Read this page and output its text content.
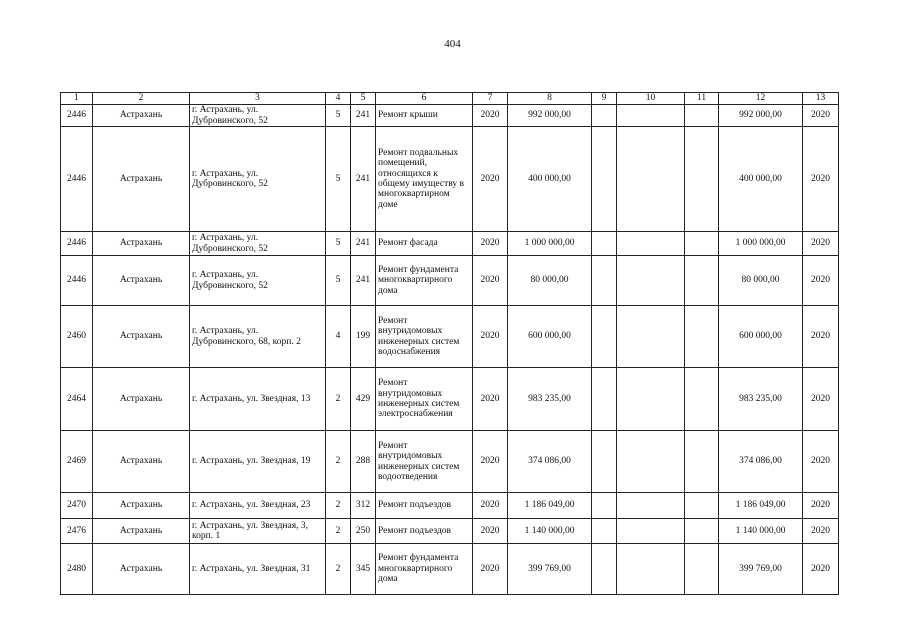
404
1	2	3	4	5	6	7	8	9	10	11	12	13
2446	Астрахань	г. Астрахань, ул. Дубровинского, 52	5	241	Ремонт крыши	2020	992 000,00				992 000,00	2020
2446	Астрахань	г. Астрахань, ул. Дубровинского, 52	5	241	Ремонт подвальных помещений, относящихся к общему имуществу в многоквартирном доме	2020	400 000,00				400 000,00	2020
2446	Астрахань	г. Астрахань, ул. Дубровинского, 52	5	241	Ремонт фасада	2020	1 000 000,00				1 000 000,00	2020
2446	Астрахань	г. Астрахань, ул. Дубровинского, 52	5	241	Ремонт фундамента многоквартирного дома	2020	80 000,00				80 000,00	2020
2460	Астрахань	г. Астрахань, ул. Дубровинского, 68, корп. 2	4	199	Ремонт внутридомовых инженерных систем водоснабжения	2020	600 000,00				600 000,00	2020
2464	Астрахань	г. Астрахань, ул. Звездная, 13	2	429	Ремонт внутридомовых инженерных систем электроснабжения	2020	983 235,00				983 235,00	2020
2469	Астрахань	г. Астрахань, ул. Звездная, 19	2	288	Ремонт внутридомовых инженерных систем водоотведения	2020	374 086,00				374 086,00	2020
2470	Астрахань	г. Астрахань, ул. Звездная, 23	2	312	Ремонт подъездов	2020	1 186 049,00				1 186 049,00	2020
2476	Астрахань	г. Астрахань, ул. Звездная, 3, корп. 1	2	250	Ремонт подъездов	2020	1 140 000,00				1 140 000,00	2020
2480	Астрахань	г. Астрахань, ул. Звездная, 31	2	345	Ремонт фундамента многоквартирного дома	2020	399 769,00				399 769,00	2020
